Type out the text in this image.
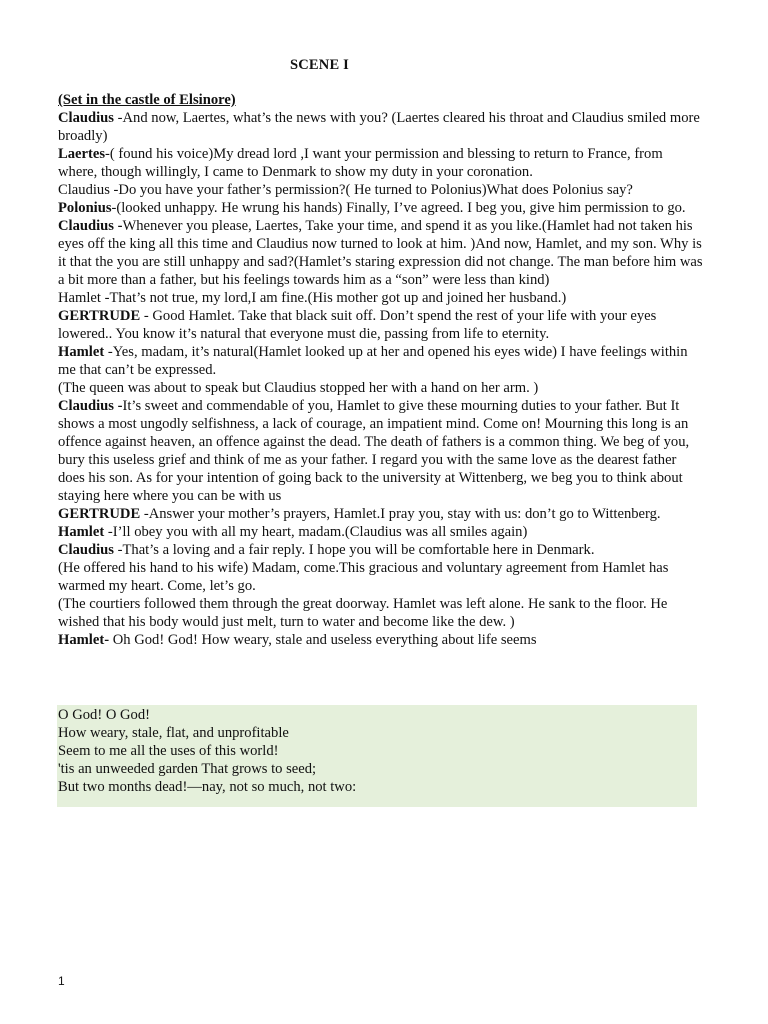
SCENE I
(Set in the castle of Elsinore)

Claudius -And now, Laertes, what’s the news with you? (Laertes cleared his throat and Claudius smiled more broadly)

Laertes-( found his voice)My dread lord ,I want your permission and blessing to return to France, from where, though willingly, I came to Denmark to show my duty in your coronation.

Claudius -Do you have your father’s permission?( He turned to Polonius)What does Polonius say?

Polonius-(looked unhappy. He wrung his hands) Finally, I’ve agreed. I beg you, give him permission to go.

Claudius -Whenever you please, Laertes, Take your time, and spend it as you like.(Hamlet had not taken his eyes off the king all this time and Claudius now turned to look at him. )And now, Hamlet, and my son. Why is it that the you are still unhappy and sad?(Hamlet’s staring expression did not change. The man before him was a bit more than a father, but his feelings towards him as a “son” were less than kind)

Hamlet -That’s not true, my lord,I am fine.(His mother got up and joined her husband.)

GERTRUDE - Good Hamlet. Take that black suit off. Don’t spend the rest of your life with your eyes lowered.. You know it’s natural that everyone must die, passing from life to eternity.

Hamlet -Yes, madam, it’s natural(Hamlet looked up at her and opened his eyes wide) I have feelings within me that can’t be expressed.

(The queen was about to speak but Claudius stopped her with a hand on her arm. )

Claudius -It’s sweet and commendable of you, Hamlet to give these mourning duties to your father. But It shows a most ungodly selfishness, a lack of courage, an impatient mind. Come on! Mourning this long is an offence against heaven, an offence against the dead. The death of fathers is a common thing. We beg of you, bury this useless grief and think of me as your father. I regard you with the same love as the dearest father does his son. As for your intention of going back to the university at Wittenberg, we beg you to think about staying here where you can be with us

GERTRUDE -Answer your mother’s prayers, Hamlet.I pray you, stay with us: don’t go to Wittenberg.

Hamlet -I’ll obey you with all my heart, madam.(Claudius was all smiles again)

Claudius -That’s a loving and a fair reply. I hope you will be comfortable here in Denmark.

(He offered his hand to his wife) Madam, come.This gracious and voluntary agreement from Hamlet has warmed my heart. Come, let’s go.

(The courtiers followed them through the great doorway. Hamlet was left alone. He sank to the floor. He wished that his body would just melt, turn to water and become like the dew. )

Hamlet- Oh God! God! How weary, stale and useless everything about life seems

O God! O God!
How weary, stale, flat, and unprofitable
Seem to me all the uses of this world!
'tis an unweeded garden That grows to seed;
But two months dead!—nay, not so much, not two:
1
